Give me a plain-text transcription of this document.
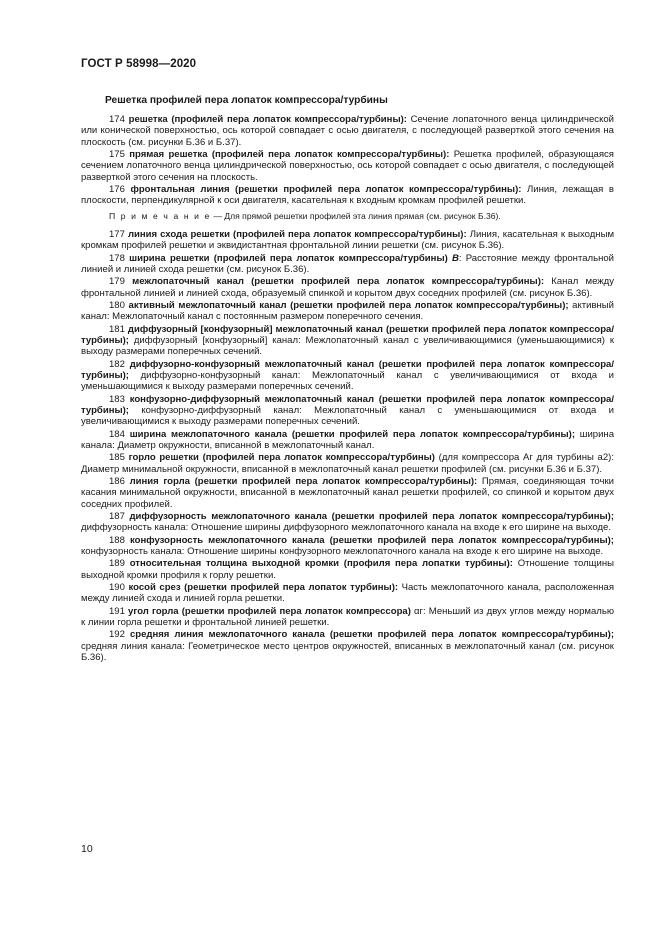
ГОСТ Р 58998—2020
Решетка профилей пера лопаток компрессора/турбины

174 решетка (профилей пера лопаток компрессора/турбины): Сечение лопаточного венца цилиндрической или конической поверхностью, ось которой совпадает с осью двигателя, с последующей разверткой этого сечения на плоскость (см. рисунки Б.36 и Б.37).

175 прямая решетка (профилей пера лопаток компрессора/турбины): Решетка профилей, образующаяся сечением лопаточного венца цилиндрической поверхностью, ось которой совпадает с осью двигателя, с последующей разверткой этого сечения на плоскость.

176 фронтальная линия (решетки профилей пера лопаток компрессора/турбины): Линия, лежащая в плоскости, перпендикулярной к оси двигателя, касательная к входным кромкам профилей решетки.

П р и м е ч а н и е — Для прямой решетки профилей эта линия прямая (см. рисунок Б.36).

177 линия схода решетки (профилей пера лопаток компрессора/турбины): Линия, касательная к выходным кромкам профилей решетки и эквидистантная фронтальной линии решетки (см. рисунок Б.36).

178 ширина решетки (профилей пера лопаток компрессора/турбины) B: Расстояние между фронтальной линией и линией схода решетки (см. рисунок Б.36).

179 межлопаточный канал (решетки профилей пера лопаток компрессора/турбины): Канал между фронтальной линией и линией схода, образуемый спинкой и корытом двух соседних профилей (см. рисунок Б.36).

180 активный межлопаточный канал (решетки профилей пера лопаток компрессора/турбины); активный канал: Межлопаточный канал с постоянным размером поперечного сечения.

181 диффузорный [конфузорный] межлопаточный канал (решетки профилей пера лопаток компрессора/турбины); диффузорный [конфузорный] канал: Межлопаточный канал с увеличивающимися (уменьшающимися) к выходу размерами поперечных сечений.

182 диффузорно-конфузорный межлопаточный канал (решетки профилей пера лопаток компрессора/турбины); диффузорно-конфузорный канал: Межлопаточный канал с увеличивающимися от входа и уменьшающимися к выходу размерами поперечных сечений.

183 конфузорно-диффузорный межлопаточный канал (решетки профилей пера лопаток компрессора/турбины); конфузорно-диффузорный канал: Межлопаточный канал с уменьшающимися от входа и увеличивающимися к выходу размерами поперечных сечений.

184 ширина межлопаточного канала (решетки профилей пера лопаток компрессора/турбины); ширина канала: Диаметр окружности, вписанной в межлопаточный канал.

185 горло решетки (профилей пера лопаток компрессора/турбины) (для компрессора Aг для турбины a2): Диаметр минимальной окружности, вписанной в межлопаточный канал решетки профилей (см. рисунки Б.36 и Б.37).

186 линия горла (решетки профилей пера лопаток компрессора/турбины): Прямая, соединяющая точки касания минимальной окружности, вписанной в межлопаточный канал решетки профилей, со спинкой и корытом двух соседних профилей.

187 диффузорность межлопаточного канала (решетки профилей пера лопаток компрессора/турбины); диффузорность канала: Отношение ширины диффузорного межлопаточного канала на входе к его ширине на выходе.

188 конфузорность межлопаточного канала (решетки профилей пера лопаток компрессора/турбины); конфузорность канала: Отношение ширины конфузорного межлопаточного канала на входе к его ширине на выходе.

189 относительная толщина выходной кромки (профиля пера лопатки турбины): Отношение толщины выходной кромки профиля к горлу решетки.

190 косой срез (решетки профилей пера лопаток турбины): Часть межлопаточного канала, расположенная между линией схода и линией горла решетки.

191 угол горла (решетки профилей пера лопаток компрессора) αг: Меньший из двух углов между нормалью к линии горла решетки и фронтальной линией решетки.

192 средняя линия межлопаточного канала (решетки профилей пера лопаток компрессора/турбины); средняя линия канала: Геометрическое место центров окружностей, вписанных в межлопаточный канал (см. рисунок Б.36).

10
